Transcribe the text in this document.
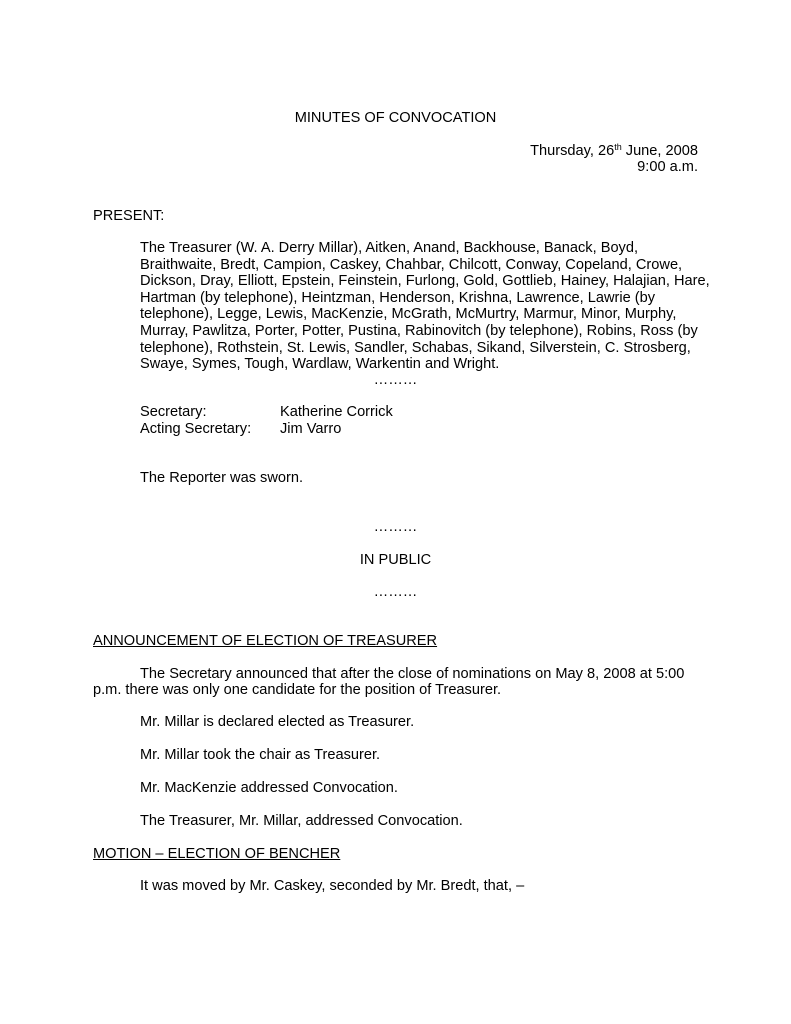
MINUTES OF CONVOCATION
Thursday, 26th June, 2008
9:00 a.m.
PRESENT:
The Treasurer (W. A. Derry Millar), Aitken, Anand, Backhouse, Banack, Boyd,
Braithwaite, Bredt, Campion, Caskey, Chahbar, Chilcott, Conway, Copeland, Crowe,
Dickson, Dray, Elliott, Epstein, Feinstein, Furlong, Gold, Gottlieb, Hainey, Halajian, Hare,
Hartman (by telephone), Heintzman, Henderson, Krishna, Lawrence, Lawrie (by
telephone), Legge, Lewis, MacKenzie, McGrath, McMurtry, Marmur, Minor, Murphy,
Murray, Pawlitza, Porter, Potter, Pustina, Rabinovitch (by telephone), Robins, Ross (by
telephone), Rothstein, St. Lewis, Sandler, Schabas, Sikand, Silverstein, C. Strosberg,
Swaye, Symes, Tough, Wardlaw, Warkentin and Wright.
………
Secretary:	Katherine Corrick
Acting Secretary:	Jim Varro
The Reporter was sworn.
………
IN PUBLIC
………
ANNOUNCEMENT OF ELECTION OF TREASURER
The Secretary announced that after the close of nominations on May 8, 2008 at 5:00
p.m. there was only one candidate for the position of Treasurer.
Mr. Millar is declared elected as Treasurer.
Mr. Millar took the chair as Treasurer.
Mr. MacKenzie addressed Convocation.
The Treasurer, Mr. Millar, addressed Convocation.
MOTION – ELECTION OF BENCHER
It was moved by Mr. Caskey, seconded by Mr. Bredt, that, –
